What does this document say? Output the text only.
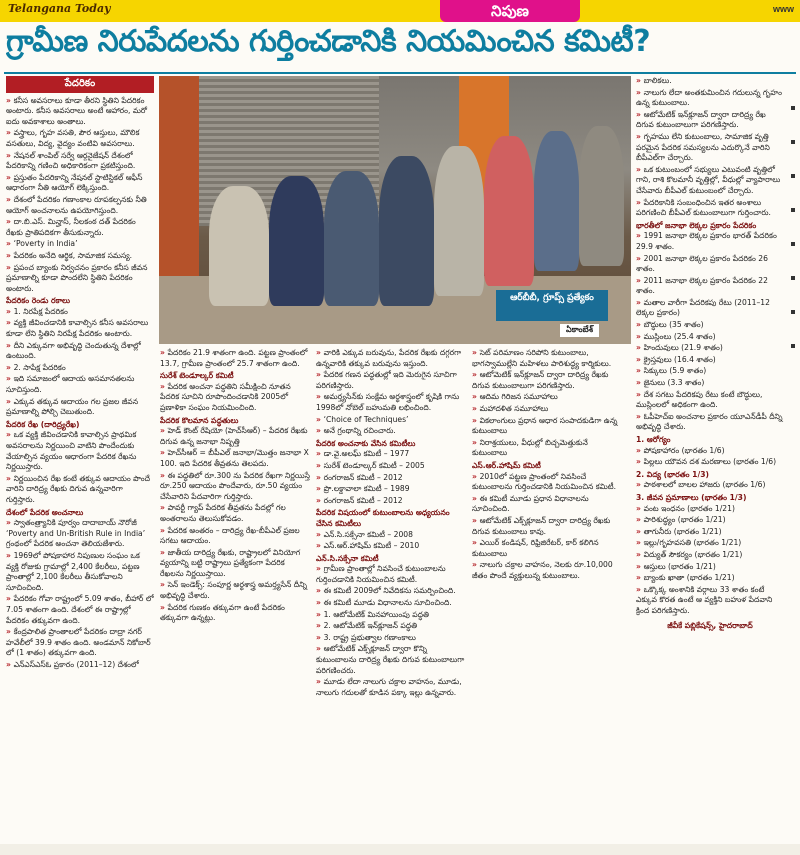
Telangana Today	నిపుణ	www
గ్రామీణ నిరుపేదలను గుర్తించడానికి నియమించిన కమిటీ?
పేదరికం

» కనీస అవసరాలు కూడా తీరని స్థితిని పేదరికం అంటారు. కనీస అవసరాలు అంటే ఆహారం, మరో ఐదు అవకాశాలు అంతాలు.

» వస్త్రాలు, గృహ వసతి, పౌర ఆస్తులు, మౌలిక వసతులు, విద్య, వైద్యం వంటివి అవసరాలు.

» నేషనల్ శాంపిల్ సర్వే ఆర్గనైజేషన్ దేశంలో పేదరికాన్ని గణించి అధికారికంగా ప్రకటిస్తుంది.

» ప్రస్తుతం పేదరికాన్ని నేషనల్ స్టాటిస్టికల్ ఆఫీస్ ఆధారంగా నీతి ఆయోగ్ లెక్కిస్తుంది.

» దేశంలో పేదరికం గణాంకాల రూపకల్పనకు నీతి ఆయోగ్ అంచనాలను ఉపయోగిస్తుంది.

» దా.బి.ఎస్. మిన్హాస్, నీలకంఠ దత్ పేదరికం రేఖకు ప్రాతిపదికగా తీసుకున్నారు.

» ‘Poverty in India’

» పేదరికం అనేది ఆర్థిక, సామాజిక సమస్య.

» ప్రపంచ బ్యాంకు నిర్వచనం ప్రకారం కనీస జీవన ప్రమాణాల్ని కూడా పొందలేని స్థితిని పేదరికం అంటారు.

పేదరికం రెండు రకాలు

» 1. నిరపేక్ష పేదరికం

» వ్యక్తి జీవించడానికి కావాల్సిన కనీస అవసరాలు కూడా లేని స్థితిని నిరపేక్ష పేదరికం అంటారు.

» దీని ఎక్కువగా అభివృద్ధి చెందుతున్న దేశాల్లో ఉంటుంది.

» 2. సాపేక్ష పేదరికం

» ఇది సమాజంలో ఆదాయ అసమానతలను సూచిస్తుంది.

» ఎక్కువ తక్కువ ఆదాయం గల ప్రజల జీవన ప్రమాణాల్ని పోల్చి చెబుతుంది.

పేదరిక రేఖ (దారిద్ర్యరేఖ)

» ఒక వ్యక్తి జీవించడానికి కావాల్సిన ప్రాథమిక అవసరాలను నిర్ణయించి వాటిని పొందేందుకు వేయాల్సిన వ్యయం ఆధారంగా పేదరిక రేఖను నిర్ణయిస్తారు.

» నిర్ణయించిన రేఖ కంటే తక్కువ ఆదాయం పొందే వారిని దారిద్ర్య రేఖకు దిగువ ఉన్నవారిగా గుర్తిస్తారు.

దేశంలో పేదరిక అంచనాలు

» స్వాతంత్ర్యానికి పూర్వం దాదాబాయ్ నౌరోజీ ‘Poverty and Un-British Rule in India’ గ్రంథంలో పేదరిక అంచనా తెలియజేశారు.

» 1969లో పోషకాహార నిపుణుల సంఘం ఒక వ్యక్తి రోజుకు గ్రామాల్లో 2,400 కేలరీలు, పట్టణ ప్రాంతాల్లో 2,100 కేలరీలు తీసుకోవాలని సూచించింది.

» పేదరికం గోవా రాష్ట్రంలో 5.09 శాతం, బీహార్ లో 7.05 శాతంగా ఉంది. దేశంలో ఈ రాష్ట్రాల్లో పేదరికం తక్కువగా ఉంది.

» కేంద్రపాలిత ప్రాంతాలలో పేదరికం దాద్రా నగర్ హవేలీలో 39.9 శాతం ఉంది. అండమాన్ నికోబార్ లో (1 శాతం) తక్కువగా ఉంది.

» ఎన్ఎస్ఎస్ఓ ప్రకారం (2011–12) దేశంలో

ఆర్‌బీబీ, గ్రూప్స్ ప్రత్యేకం
ఏకాంబేశ్

» పేదరికం 21.9 శాతంగా ఉంది. పట్టణ ప్రాంతంలో 13.7, గ్రామీణ ప్రాంతంలో 25.7 శాతంగా ఉంది.

సురేశ్ టెండూల్కర్ కమిటీ

» పేదరిక అంచనా పద్ధతిని సమీక్షించి నూతన పేదరిక సూచిని రూపొందించడానికి 2005లో ప్రణాళికా సంఘం నియమించింది.

పేదరిక కొలమాన పద్ధతులు

» హెడ్ కౌంట్ రేషియో (హెచ్‌సీఆర్) – పేదరిక రేఖకు దిగువ ఉన్న జనాభా నిష్పత్తి

» హెచ్‌సీఆర్ = బీపీఎల్ జనాభా/మొత్తం జనాభా X 100. ఇది పేదరిక తీవ్రతను తెలపదు.

» ఈ పద్ధతిలో రూ.300 ను పేదరిక రేఖగా నిర్ణయిస్తే రూ.250 ఆదాయం పొందేవారు, రూ.50 వ్యయం చేసేవారిని పేదవారిగా గుర్తిస్తారు.

» పావర్టీ గ్యాప్ పేదరిక తీవ్రతను పేదల్లో గల అంతరాలను తెలుసుకోవడం.

» పేదరిక అంతరం – దారిద్ర్య రేఖ-బీపీఎల్ ప్రజల సగటు ఆదాయం.

» జాతీయ దారిద్ర్య రేఖకు, రాష్ట్రాలలో వినియోగ వ్యయాన్ని బట్టి రాష్ట్రాలు ప్రత్యేకంగా పేదరిక రేఖలను నిర్ణయిస్తాయి.

» సెన్ ఇండెక్స్: సంపూర్ణ అర్థశాస్త్ర అమర్త్యసేన్ దీన్ని అభివృద్ధి చేశారు.

» పేదరిక గుణకం తక్కువగా ఉంటే పేదరికం తక్కువగా ఉన్నట్లు.

» వారికి ఎక్కువ బరువును, పేదరిక రేఖకు దగ్గరగా ఉన్నవారికి తక్కువ బరువును ఇస్తుంది.

» పేదరిక గణన పద్ధతుల్లో ఇది మెరుగైన సూచిగా పరిగణిస్తారు.

» అమర్త్యసేన్‌కు సంక్షేమ అర్థశాస్త్రంలో కృషికి గాను 1998లో నోబెల్ బహుమతి లభించింది.

» ‘Choice of Techniques’

» అనే గ్రంథాన్ని రచించారు.

పేదరిక అంచనాకు వేసిన కమిటీలు

» డా.వై.అలఘ్ కమిటీ – 1977

» సురేశ్ టెండూల్కర్ కమిటీ – 2005

» రంగరాజన్ కమిటీ – 2012

» ప్రొ.లక్డావాలా కమిటీ – 1989

» రంగరాజన్ కమిటీ – 2012

పేదరిక విషయంలో కుటుంబాలను అధ్యయనం చేసిన కమిటీలు

» ఎన్.సి.సక్సేనా కమిటీ – 2008

» ఎస్.ఆర్.హాషిమ్ కమిటీ – 2010

ఎన్.సి.సక్సేనా కమిటీ

» గ్రామీణ ప్రాంతాల్లో నివసించే కుటుంబాలను గుర్తించడానికి నియమించిన కమిటీ.

» ఈ కమిటీ 2009లో నివేదికను సమర్పించింది.

» ఈ కమిటీ మూడు విధానాలను సూచించింది.

» 1. ఆటోమేటిక్ మినహాయింపు పద్ధతి

» 2. ఆటోమేటిక్ ఇన్‌క్లూజన్ పద్ధతి

» 3. రాష్ట్ర ప్రభుత్వాల గణాంకాలు

» ఆటోమేటిక్ ఎక్స్‌క్లూజన్ ద్వారా కొన్ని కుటుంబాలను దారిద్ర్య రేఖకు దిగువ కుటుంబాలుగా పరిగణించరు.

» మూడు లేదా నాలుగు చక్రాల వాహనం, మూడు, నాలుగు గదులతో కూడిన పక్కా ఇల్లు ఉన్నవారు.

» సెట్ పరిమాణం సరిపోని కుటుంబాలు, భాగస్వాముల్లేని మహిళలు పారిశుద్ధ్య కార్మికులు.

» ఆటోమెటిక్ ఇన్‌క్లూజన్ ద్వారా దారిద్ర్య రేఖకు దిగువ కుటుంబాలుగా పరిగణిస్తారు.

» ఆదిమ గిరిజన సమూహాలు

» మహాదళిత సమూహాలు

» వికలాంగులు ప్రధాన ఆధార సంపాదకుడిగా ఉన్న కుటుంబాలు

» నిరాశ్రయులు, వీధుల్లో బిచ్చమెత్తుకునే కుటుంబాలు

ఎస్.ఆర్.హాషిమ్ కమిటీ

» 2010లో పట్టణ ప్రాంతంలో నివసించే కుటుంబాలను గుర్తించడానికి నియమించిన కమిటీ.

» ఈ కమిటీ మూడు ప్రధాన విధానాలను సూచించింది.

» ఆటోమేటిక్ ఎక్స్‌క్లూజన్ ద్వారా దారిద్ర్య రేఖకు దిగువ కుటుంబాలు కావు.

» ఎయిర్ కండిషన్, రిఫ్రిజిరేటర్, కార్ కలిగిన కుటుంబాలు

» నాలుగు చక్రాల వాహనం, నెలకు రూ.10,000 జీతం పొందే వ్యక్తులున్న కుటుంబాలు.

» బాలికలు.

» నాలుగు లేదా అంతకుమించిన గదులున్న గృహం ఉన్న కుటుంబాలు.

» ఆటోమేటిక్ ఇన్‌క్లూజన్ ద్వారా దారిద్ర్య రేఖ దిగువ కుటుంబాలుగా పరిగణిస్తారు.

» గృహము లేని కుటుంబాలు, సామాజిక వృత్తి పరమైన పేదరిక సమస్యలను ఎదుర్కొనే వారిని బీపీఎల్‌గా చేర్చారు.

» ఒక కుటుంబంలో సభ్యులు ఎటువంటి వృత్తిలో గాని, రాశి కొలమానీ వృత్తిల్లో, వీధుల్లో వ్యాపారాలు చేసేవారు బీపీఎల్ కుటుంబంలో చేర్చారు.

» పేదరికానికి సంబంధించిన ఇతర అంశాలు పరిగణించి బీపీఎల్ కుటుంబాలుగా గుర్తించారు.

భారతీలో జనాభా లెక్కల ప్రకారం పేదరికం

» 1991 జనాభా లెక్కల ప్రకారం భారత్ పేదరికం 29.9 శాతం.

» 2001 జనాభా లెక్కల ప్రకారం పేదరికం 26 శాతం.

» 2011 జనాభా లెక్కల ప్రకారం పేదరికం 22 శాతం.

» మతాల వారీగా పేదరికపు రేటు (2011–12 లెక్కల ప్రకారం)

» బౌద్ధులు (35 శాతం)

» ముస్లింలు (25.4 శాతం)

» హిందువులు (21.9 శాతం)

» క్రైస్తవులు (16.4 శాతం)

» సిక్కులు (5.9 శాతం)

» జైనులు (3.3 శాతం)

» దేశ సగటు పేదరికపు రేటు కంటే బౌద్ధులు, ముస్లింలలో అధికంగా ఉంది.

» ఓపీహెచ్‌ఐ అంచనాల ప్రకారం యూఎన్‌డీపీ దీన్ని అభివృద్ధి చేశారు.

1. ఆరోగ్యం

» పోషకాహారం (భారతం 1/6)

» పిల్లలు యౌవన దశ మరణాలు (భారతం 1/6)

2. విద్య (భారతం 1/3)

» పాఠశాలలో బాలల హాజరు (భారతం 1/6)

3. జీవన ప్రమాణాలు (భారతం 1/3)

» వంట ఇంధనం (భారతం 1/21)

» పారిశుద్ధ్యం (భారతం 1/21)

» తాగునీరు (భారతం 1/21)

» ఇల్లు/గృహవసతి (భారతం 1/21)

» విద్యుత్ సౌకర్యం (భారతం 1/21)

» ఆస్తులు (భారతం 1/21)

» బ్యాంకు ఖాతా (భారతం 1/21)

» ఒక్కొక్క అంశానికి వర్గాలు 33 శాతం కంటే ఎక్కువ కొరత ఉంటే ఆ వ్యక్తిని బహుళ పేదవాని క్రింద పరిగణిస్తారు.

జీవీకే పబ్లికేషన్స్, హైదరాబాద్
